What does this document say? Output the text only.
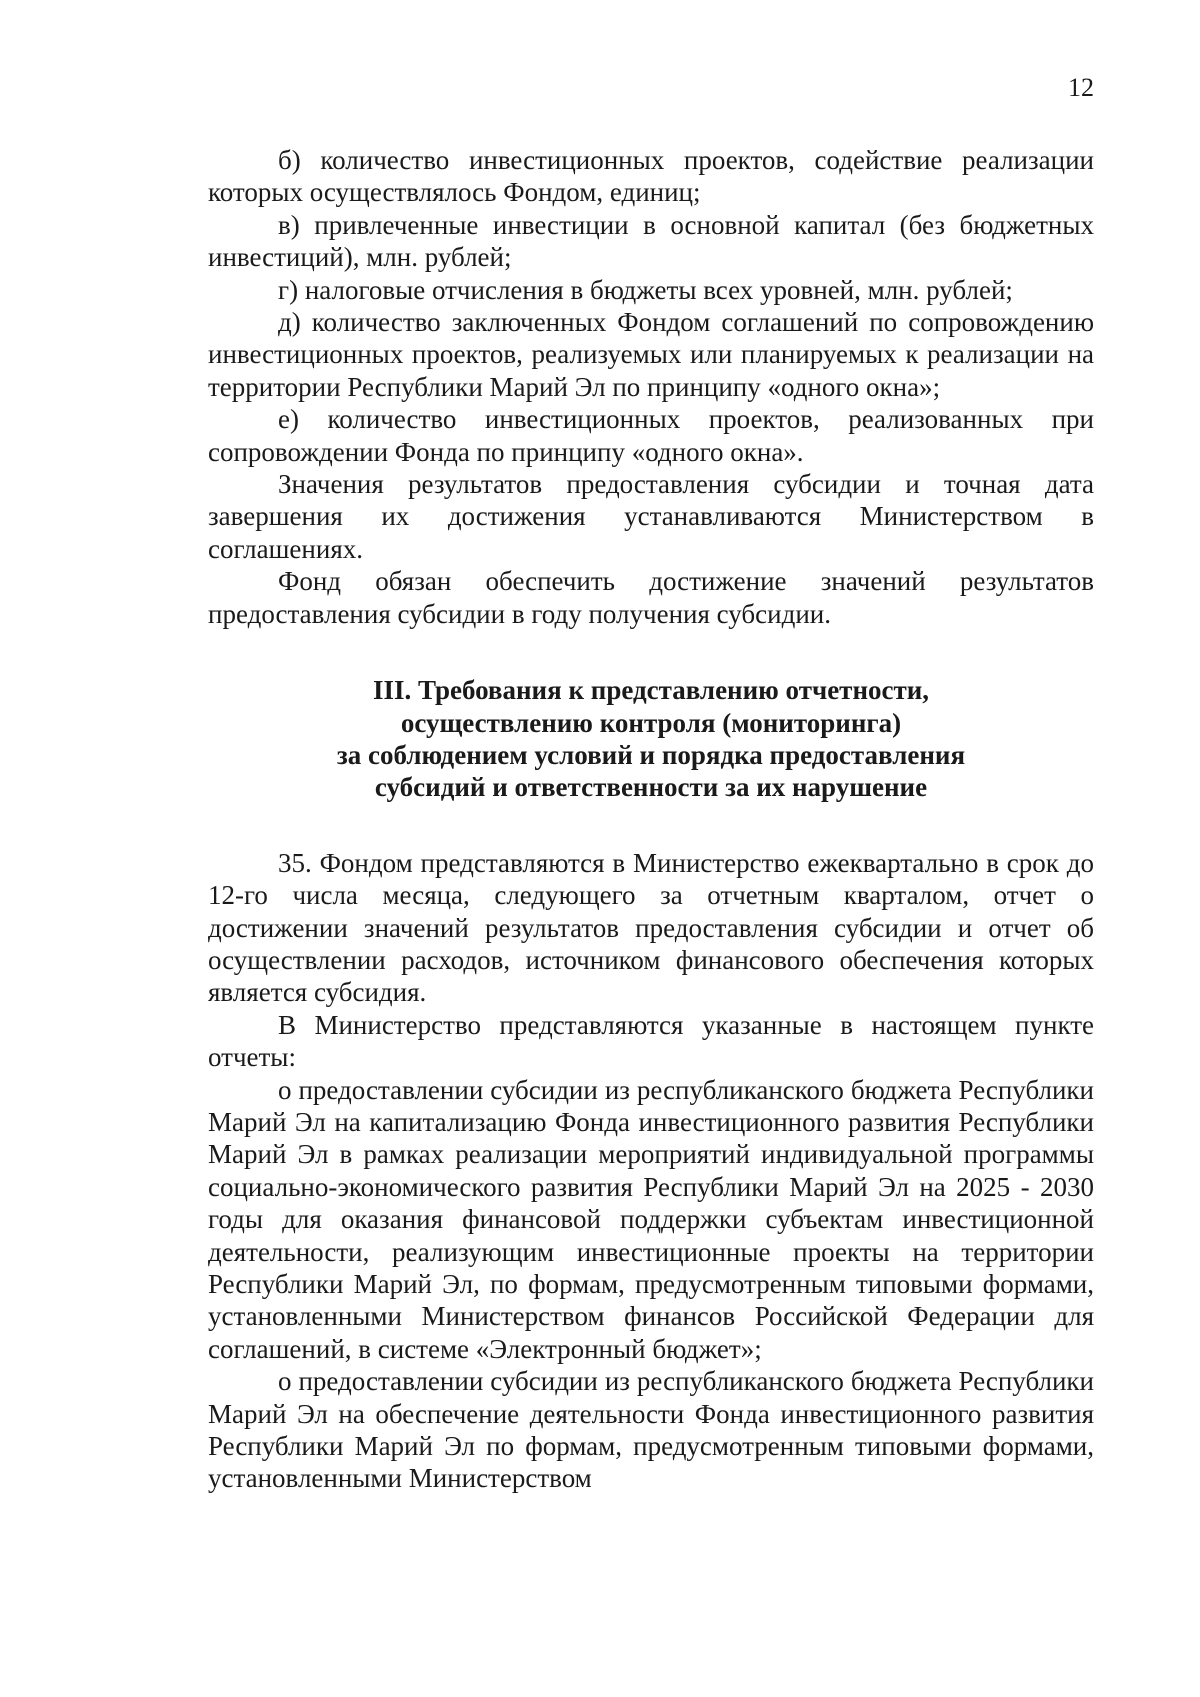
12

б) количество инвестиционных проектов, содействие реализации которых осуществлялось Фондом, единиц;

в) привлеченные инвестиции в основной капитал (без бюджетных инвестиций), млн. рублей;

г) налоговые отчисления в бюджеты всех уровней, млн. рублей;

д) количество заключенных Фондом соглашений по сопровождению инвестиционных проектов, реализуемых или планируемых к реализации на территории Республики Марий Эл по принципу «одного окна»;

е) количество инвестиционных проектов, реализованных при сопровождении Фонда по принципу «одного окна».

Значения результатов предоставления субсидии и точная дата завершения их достижения устанавливаются Министерством в соглашениях.

Фонд обязан обеспечить достижение значений результатов предоставления субсидии в году получения субсидии.

III. Требования к представлению отчетности,
осуществлению контроля (мониторинга)
за соблюдением условий и порядка предоставления
субсидий и ответственности за их нарушение

35. Фондом представляются в Министерство ежеквартально в срок до 12-го числа месяца, следующего за отчетным кварталом, отчет о достижении значений результатов предоставления субсидии и отчет об осуществлении расходов, источником финансового обеспечения которых является субсидия.

В Министерство представляются указанные в настоящем пункте отчеты:

о предоставлении субсидии из республиканского бюджета Республики Марий Эл на капитализацию Фонда инвестиционного развития Республики Марий Эл в рамках реализации мероприятий индивидуальной программы социально-экономического развития Республики Марий Эл на 2025 - 2030 годы для оказания финансовой поддержки субъектам инвестиционной деятельности, реализующим инвестиционные проекты на территории Республики Марий Эл, по формам, предусмотренным типовыми формами, установленными Министерством финансов Российской Федерации для соглашений, в системе «Электронный бюджет»;

о предоставлении субсидии из республиканского бюджета Республики Марий Эл на обеспечение деятельности Фонда инвестиционного развития Республики Марий Эл по формам, предусмотренным типовыми формами, установленными Министерством
